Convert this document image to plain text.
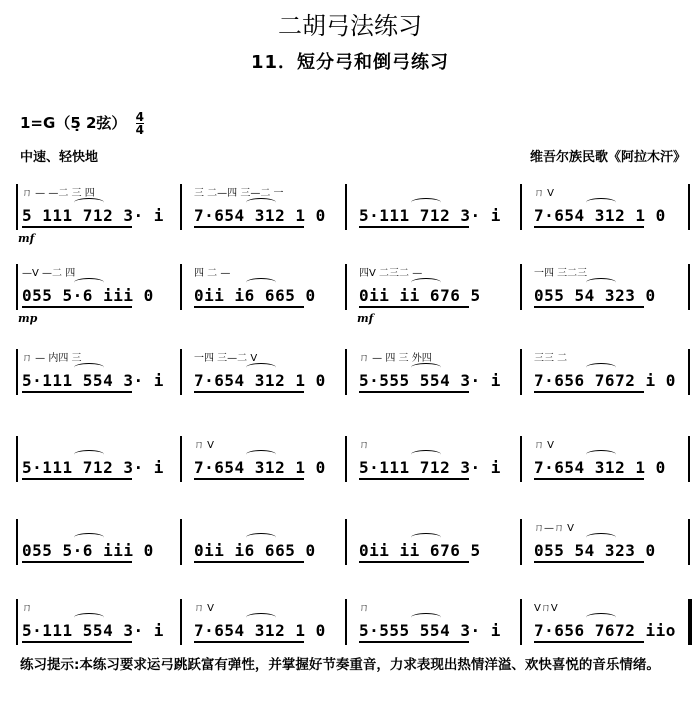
二胡弓法练习
11．短分弓和倒弓练习
1=G（5̣ 2弦） $\frac{4}{4}$
中速、轻快地	维吾尔族民歌《阿拉木汗》
ㄇ — —二 三 四
5 111 712 3· i
三 二—四 三—二 一
7·654 312 1 0 5·111 712 3· i
ㄇ V
7·654 312 1 0
mf
—V —二 四
055 5·6 iii 0
四 二 —
0ii i6 665 0
四V 二三二 —
0ii ii 676 5
一四 三二三
055 54 323 0
mp	mf
ㄇ — 内四 三
5·111 554 3· i
一四 三—二 V
7·654 312 1 0
ㄇ — 四 三 外四
5·555 554 3· i
三三 二
7·656 7672 i 0
5·111 712 3· i
ㄇ V
7·654 312 1 0
ㄇ
5·111 712 3· i
ㄇ V
7·654 312 1 0
055 5·6 iii 0	0ii i6 665 0	0ii ii 676 5
ㄇ—ㄇ V
055 54 323 0
ㄇ
5·111 554 3· i
ㄇ V
7·654 312 1 0
ㄇ
5·555 554 3· i
VㄇV
7·656 7672 iio
练习提示:本练习要求运弓跳跃富有弹性，并掌握好节奏重音，力求表现出热情洋溢、欢快喜悦的音乐情绪。
